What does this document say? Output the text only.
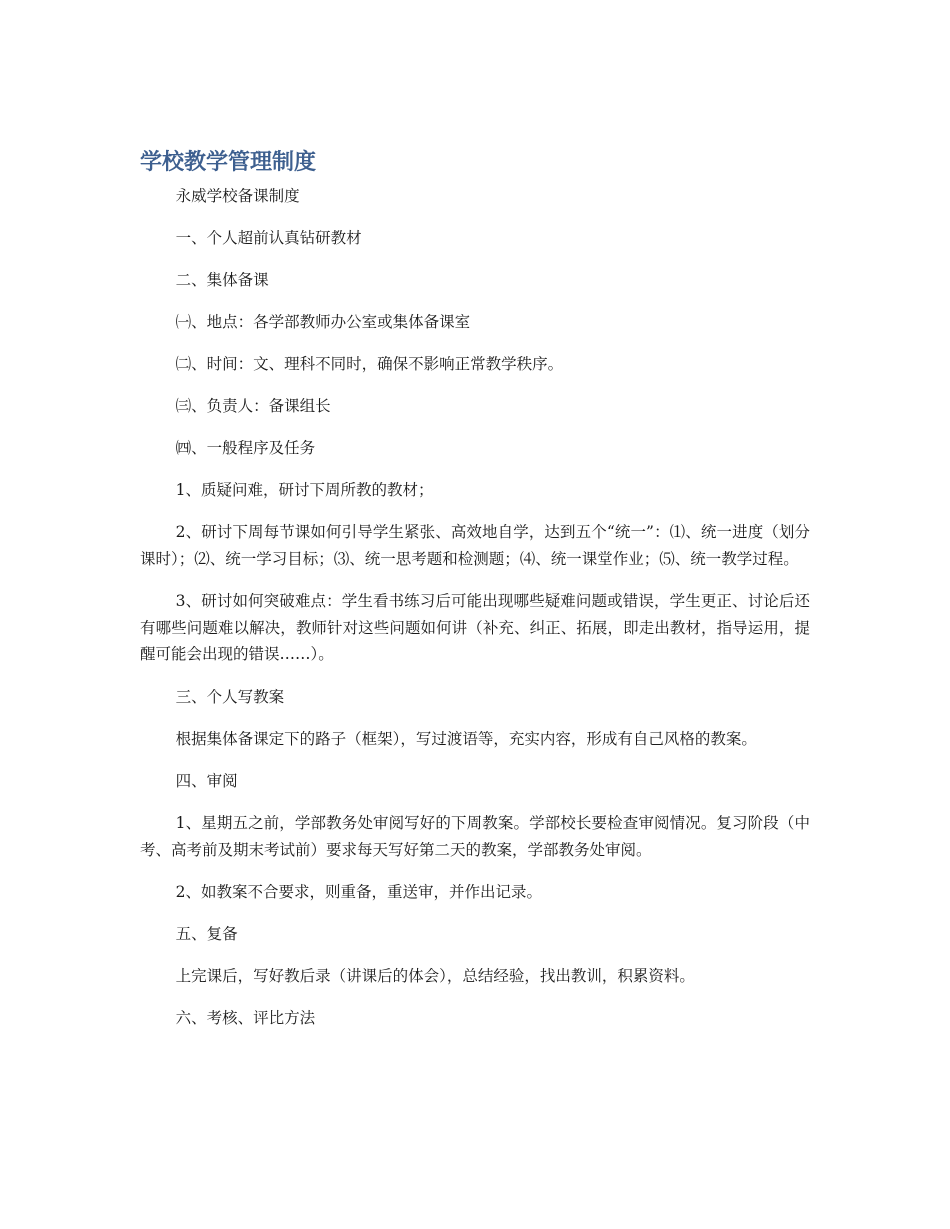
学校教学管理制度

永威学校备课制度

一、个人超前认真钻研教材

二、集体备课

㈠、地点：各学部教师办公室或集体备课室

㈡、时间：文、理科不同时，确保不影响正常教学秩序。

㈢、负责人：备课组长

㈣、一般程序及任务

1、质疑问难，研讨下周所教的教材；

2、研讨下周每节课如何引导学生紧张、高效地自学，达到五个“统一”：⑴、统一进度（划分课时）；⑵、统一学习目标；⑶、统一思考题和检测题；⑷、统一课堂作业；⑸、统一教学过程。

3、研讨如何突破难点：学生看书练习后可能出现哪些疑难问题或错误，学生更正、讨论后还有哪些问题难以解决，教师针对这些问题如何讲（补充、纠正、拓展，即走出教材，指导运用，提醒可能会出现的错误……）。

三、个人写教案

根据集体备课定下的路子（框架），写过渡语等，充实内容，形成有自己风格的教案。

四、审阅

1、星期五之前，学部教务处审阅写好的下周教案。学部校长要检查审阅情况。复习阶段（中考、高考前及期末考试前）要求每天写好第二天的教案，学部教务处审阅。

2、如教案不合要求，则重备，重送审，并作出记录。

五、复备

上完课后，写好教后录（讲课后的体会），总结经验，找出教训，积累资料。

六、考核、评比方法
